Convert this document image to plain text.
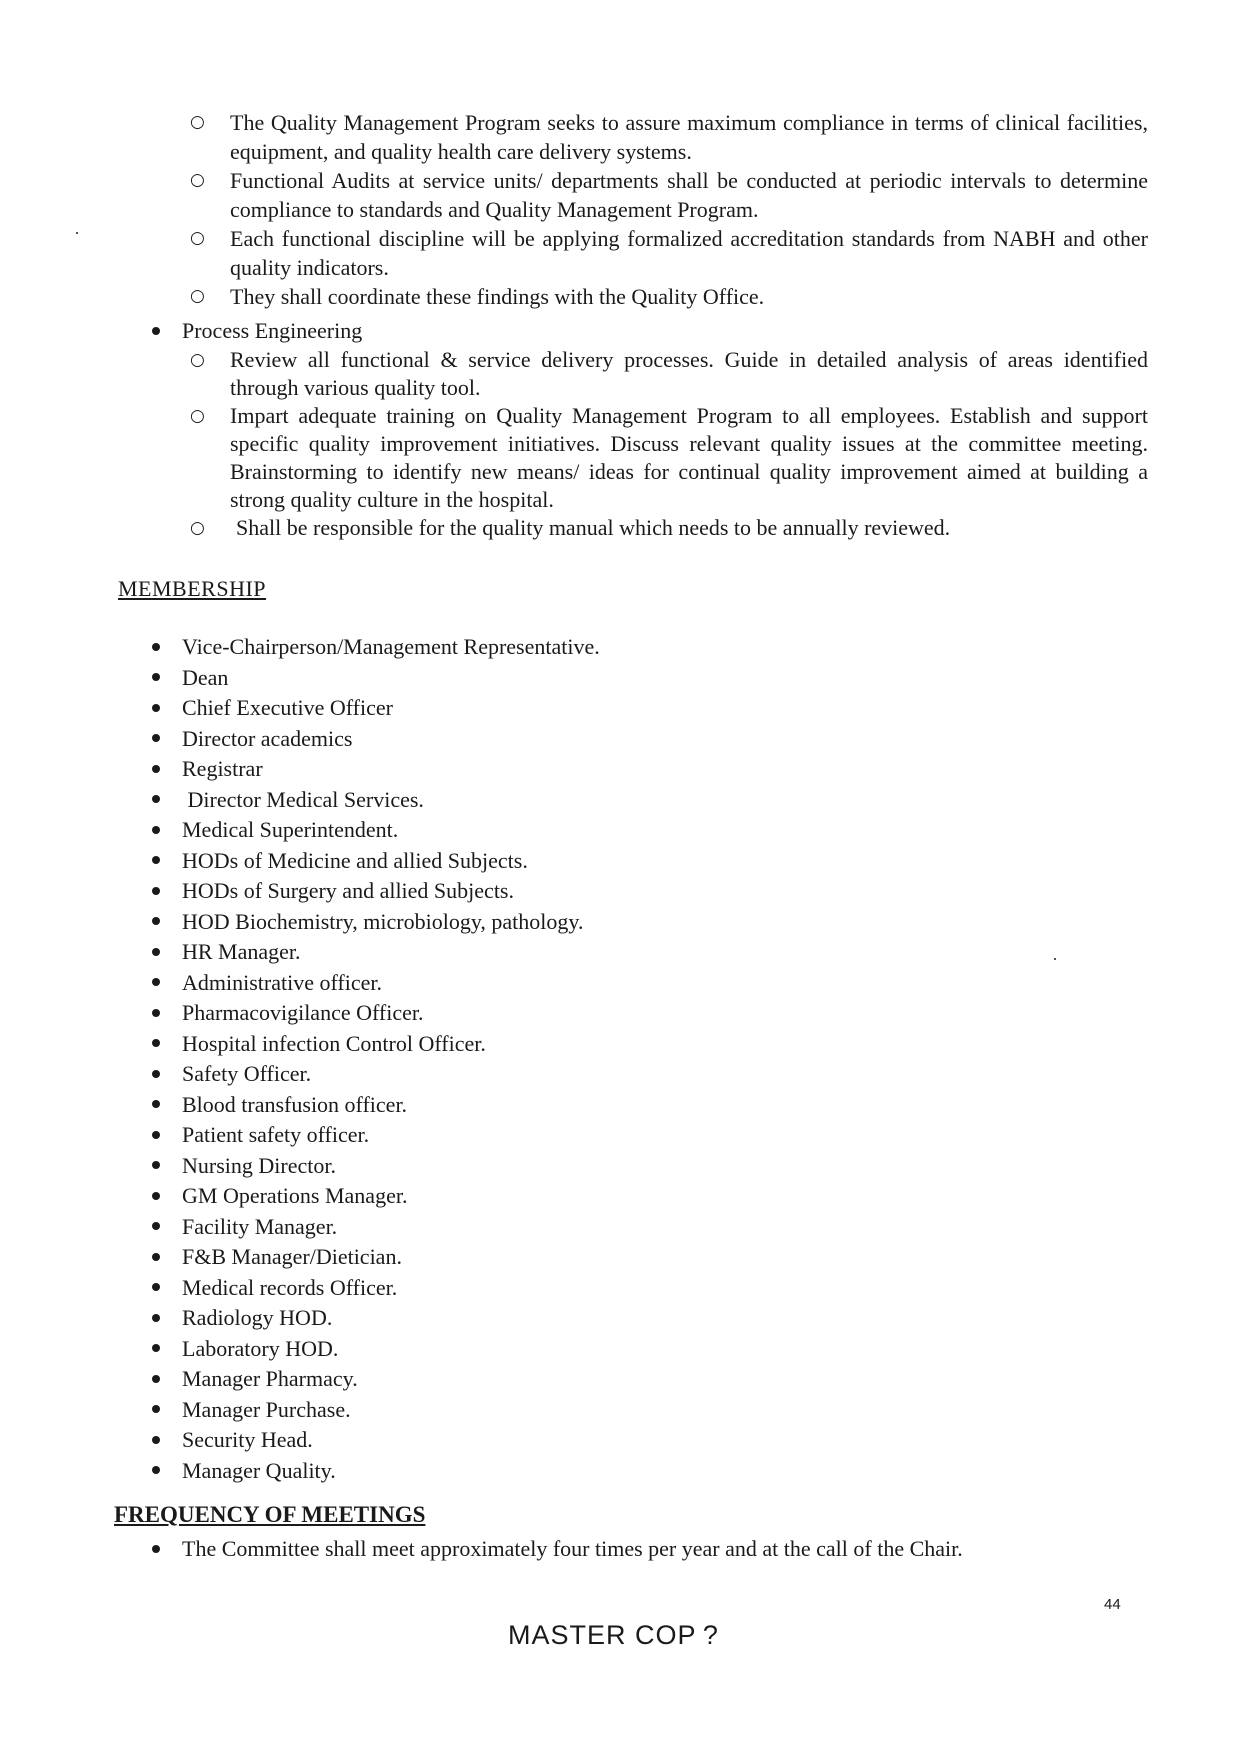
○ The Quality Management Program seeks to assure maximum compliance in terms of clinical facilities, equipment, and quality health care delivery systems.
○ Functional Audits at service units/ departments shall be conducted at periodic intervals to determine compliance to standards and Quality Management Program.
○ Each functional discipline will be applying formalized accreditation standards from NABH and other quality indicators.
○ They shall coordinate these findings with the Quality Office.
Process Engineering
○ Review all functional & service delivery processes. Guide in detailed analysis of areas identified through various quality tool.
○ Impart adequate training on Quality Management Program to all employees. Establish and support specific quality improvement initiatives. Discuss relevant quality issues at the committee meeting. Brainstorming to identify new means/ ideas for continual quality improvement aimed at building a strong quality culture in the hospital.
○ Shall be responsible for the quality manual which needs to be annually reviewed.
MEMBERSHIP
Vice-Chairperson/Management Representative.
Dean
Chief Executive Officer
Director academics
Registrar
Director Medical Services.
Medical Superintendent.
HODs of Medicine and allied Subjects.
HODs of Surgery and allied Subjects.
HOD Biochemistry, microbiology, pathology.
HR Manager.
Administrative officer.
Pharmacovigilance Officer.
Hospital infection Control Officer.
Safety Officer.
Blood transfusion officer.
Patient safety officer.
Nursing Director.
GM Operations Manager.
Facility Manager.
F&B Manager/Dietician.
Medical records Officer.
Radiology HOD.
Laboratory HOD.
Manager Pharmacy.
Manager Purchase.
Security Head.
Manager Quality.
FREQUENCY OF MEETINGS
The Committee shall meet approximately four times per year and at the call of the Chair.
44
MASTER COP ?
